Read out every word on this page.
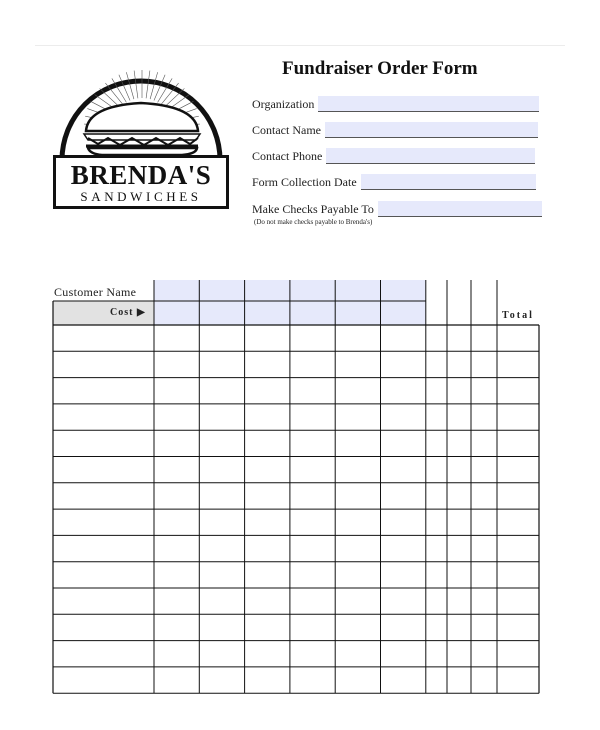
BRENDA'S
SANDWICHES
Fundraiser Order Form
Organization
Contact Name
Contact Phone
Form Collection Date
Make Checks Payable To
(Do not make checks payable to Brenda's)
Customer Name
Cost ▶	Total
